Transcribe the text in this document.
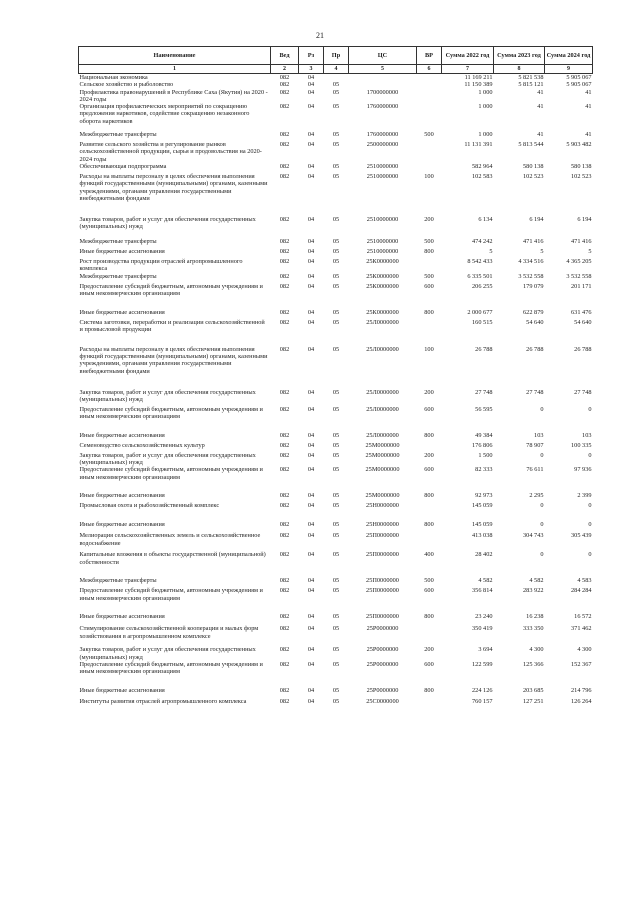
21
Наименование	Вед	Рз	Пр	ЦС	ВР	Сумма 2022 год	Сумма 2023 год	Сумма 2024 год
1	2	3	4	5	6	7	8	9
Национальная экономика	082	04				11 169 211	5 821 538	5 905 067
Сельское хозяйство и рыболовство	082	04	05			11 150 389	5 815 121	5 905 067
Профилактика правонарушений в Республике Саха (Якутия) на 2020 - 2024 годы	082	04	05	1700000000		1 000	41	41
Организация профилактических мероприятий по сокращению предложения наркотиков, содействие сокращению незаконного оборота наркотиков	082	04	05	1760000000		1 000	41	41
Межбюджетные трансферты	082	04	05	1760000000	500	1 000	41	41
Развитие сельского хозяйства и регулирование рынков сельскохозяйственной продукции, сырья и продовольствия на 2020-2024 годы	082	04	05	2500000000		11 131 391	5 813 544	5 903 482
Обеспечивающая подпрограмма	082	04	05	2510000000		582 964	580 138	580 138
Расходы на выплаты персоналу в целях обеспечения выполнения функций государственными (муниципальными) органами, казенными учреждениями, органами управления государственными внебюджетными фондами	082	04	05	2510000000	100	102 583	102 523	102 523
Закупка товаров, работ и услуг для обеспечения государственных (муниципальных) нужд	082	04	05	2510000000	200	6 134	6 194	6 194
Межбюджетные трансферты	082	04	05	2510000000	500	474 242	471 416	471 416
Иные бюджетные ассигнования	082	04	05	2510000000	800	5	5	5
Рост производства продукции отраслей агропромышленного комплекса	082	04	05	25К0000000		8 542 433	4 334 516	4 365 205
Межбюджетные трансферты	082	04	05	25К0000000	500	6 335 501	3 532 558	3 532 558
Предоставление субсидий бюджетным, автономным учреждениям и иным некоммерческим организациям	082	04	05	25К0000000	600	206 255	179 079	201 171
Иные бюджетные ассигнования	082	04	05	25К0000000	800	2 000 677	622 879	631 476
Система заготовки, переработки и реализации сельскохозяйственной и промысловой продукции	082	04	05	25Л0000000		160 515	54 640	54 640
Расходы на выплаты персоналу в целях обеспечения выполнения функций государственными (муниципальными) органами, казенными учреждениями, органами управления государственными внебюджетными фондами	082	04	05	25Л0000000	100	26 788	26 788	26 788
Закупка товаров, работ и услуг для обеспечения государственных (муниципальных) нужд	082	04	05	25Л0000000	200	27 748	27 748	27 748
Предоставление субсидий бюджетным, автономным учреждениям и иным некоммерческим организациям	082	04	05	25Л0000000	600	56 595	0	0
Иные бюджетные ассигнования	082	04	05	25Л0000000	800	49 384	103	103
Семеноводство сельскохозяйственных культур	082	04	05	25М0000000		176 806	78 907	100 335
Закупка товаров, работ и услуг для обеспечения государственных (муниципальных) нужд	082	04	05	25М0000000	200	1 500	0	0
Предоставление субсидий бюджетным, автономным учреждениям и иным некоммерческим организациям	082	04	05	25М0000000	600	82 333	76 611	97 936
Иные бюджетные ассигнования	082	04	05	25М0000000	800	92 973	2 295	2 399
Промысловая охота и рыбохозяйственный комплекс	082	04	05	25Н0000000		145 059	0	0
Иные бюджетные ассигнования	082	04	05	25Н0000000	800	145 059	0	0
Мелиорация сельскохозяйственных земель и сельскохозяйственное водоснабжение	082	04	05	25П0000000		413 038	304 743	305 439
Капитальные вложения в объекты государственной (муниципальной) собственности	082	04	05	25П0000000	400	28 402	0	0
Межбюджетные трансферты	082	04	05	25П0000000	500	4 582	4 582	4 583
Предоставление субсидий бюджетным, автономным учреждениям и иным некоммерческим организациям	082	04	05	25П0000000	600	356 814	283 922	284 284
Иные бюджетные ассигнования	082	04	05	25П0000000	800	23 240	16 238	16 572
Стимулирование сельскохозяйственной кооперации и малых форм хозяйствования в агропромышленном комплексе	082	04	05	25Р0000000		350 419	333 350	371 462
Закупка товаров, работ и услуг для обеспечения государственных (муниципальных) нужд	082	04	05	25Р0000000	200	3 694	4 300	4 300
Предоставление субсидий бюджетным, автономным учреждениям и иным некоммерческим организациям	082	04	05	25Р0000000	600	122 599	125 366	152 367
Иные бюджетные ассигнования	082	04	05	25Р0000000	800	224 126	203 685	214 796
Институты развития отраслей агропромышленного комплекса	082	04	05	25С0000000		760 157	127 251	126 264
